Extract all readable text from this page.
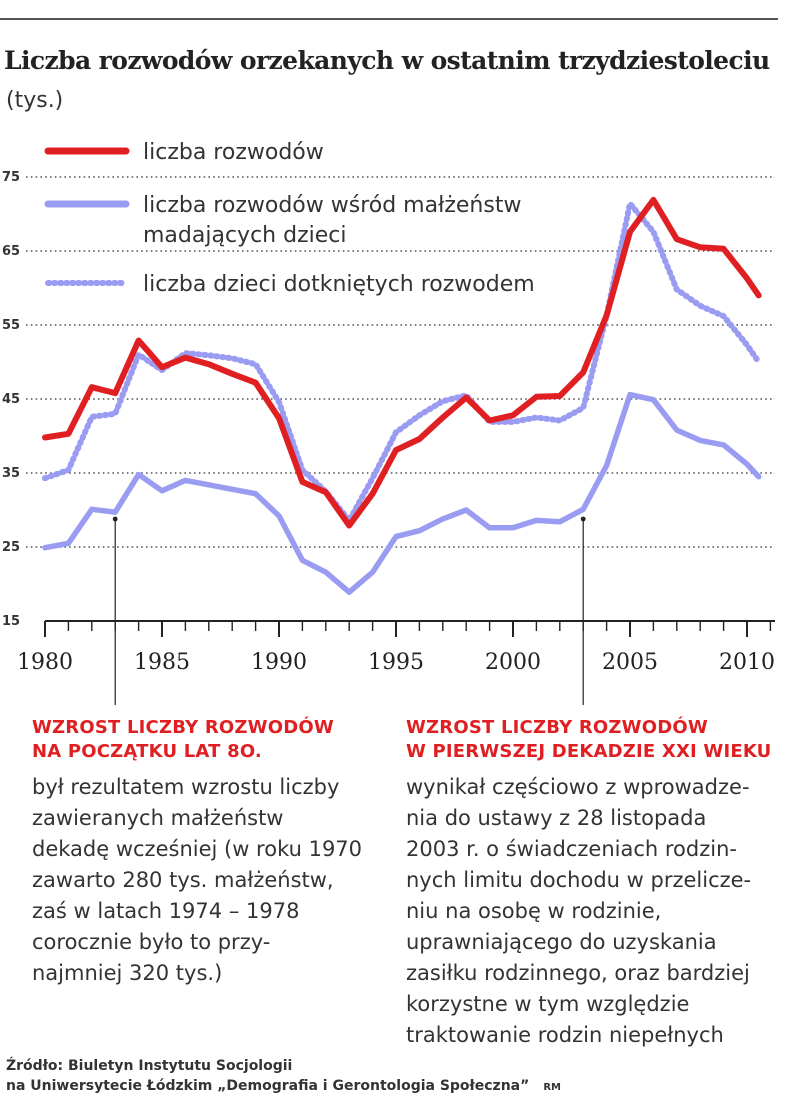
Liczba rozwodów orzekanych w ostatnim trzydziestoleciu
(tys.)
15
25
35
45
55
65
75
1980	1985	1990	1995	2000	2005	2010
liczba rozwodów
liczba rozwodów wśród małżeństw
madających dzieci
liczba dzieci dotkniętych rozwodem
WZROST LICZBY ROZWODÓW
NA POCZĄTKU LAT 8O.
był rezultatem wzrostu liczby
zawieranych małżeństw
dekadę wcześniej (w roku 1970
zawarto 280 tys. małżeństw,
zaś w latach 1974 – 1978
corocznie było to przy-
najmniej 320 tys.)
WZROST LICZBY ROZWODÓW
W PIERWSZEJ DEKADZIE XXI WIEKU
wynikał częściowo z wprowadze-
nia do ustawy z 28 listopada
2003 r. o świadczeniach rodzin-
nych limitu dochodu w przelicze-
niu na osobę w rodzinie,
uprawniającego do uzyskania
zasiłku rodzinnego, oraz bardziej
korzystne w tym względzie
traktowanie rodzin niepełnych
Źródło: Biuletyn Instytutu Socjologii
na Uniwersytecie Łódzkim „Demografia i Gerontologia Społeczna” RM
